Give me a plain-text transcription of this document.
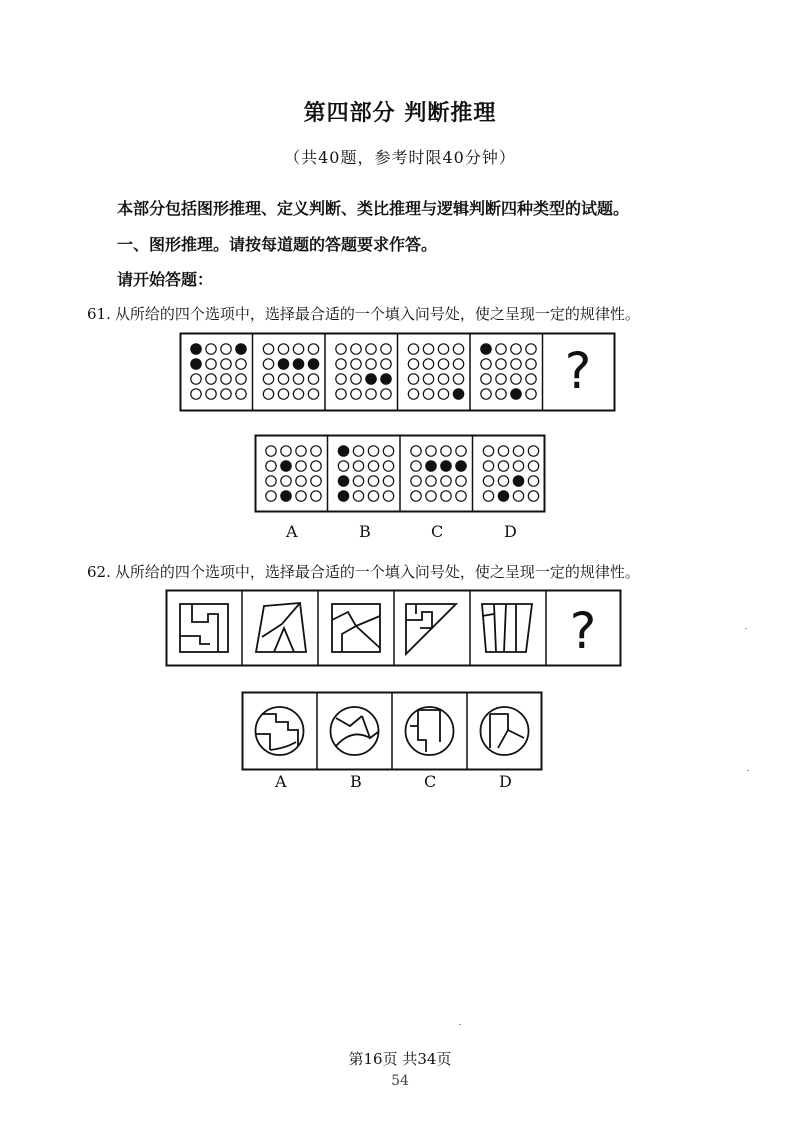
第四部分 判断推理
（共40题，参考时限40分钟）
本部分包括图形推理、定义判断、类比推理与逻辑判断四种类型的试题。
一、图形推理。请按每道题的答题要求作答。
请开始答题：
61. 从所给的四个选项中，选择最合适的一个填入问号处，使之呈现一定的规律性。
?
A	B	C	D
62. 从所给的四个选项中，选择最合适的一个填入问号处，使之呈现一定的规律性。
?
A	B	C	D
第16页 共34页
54
